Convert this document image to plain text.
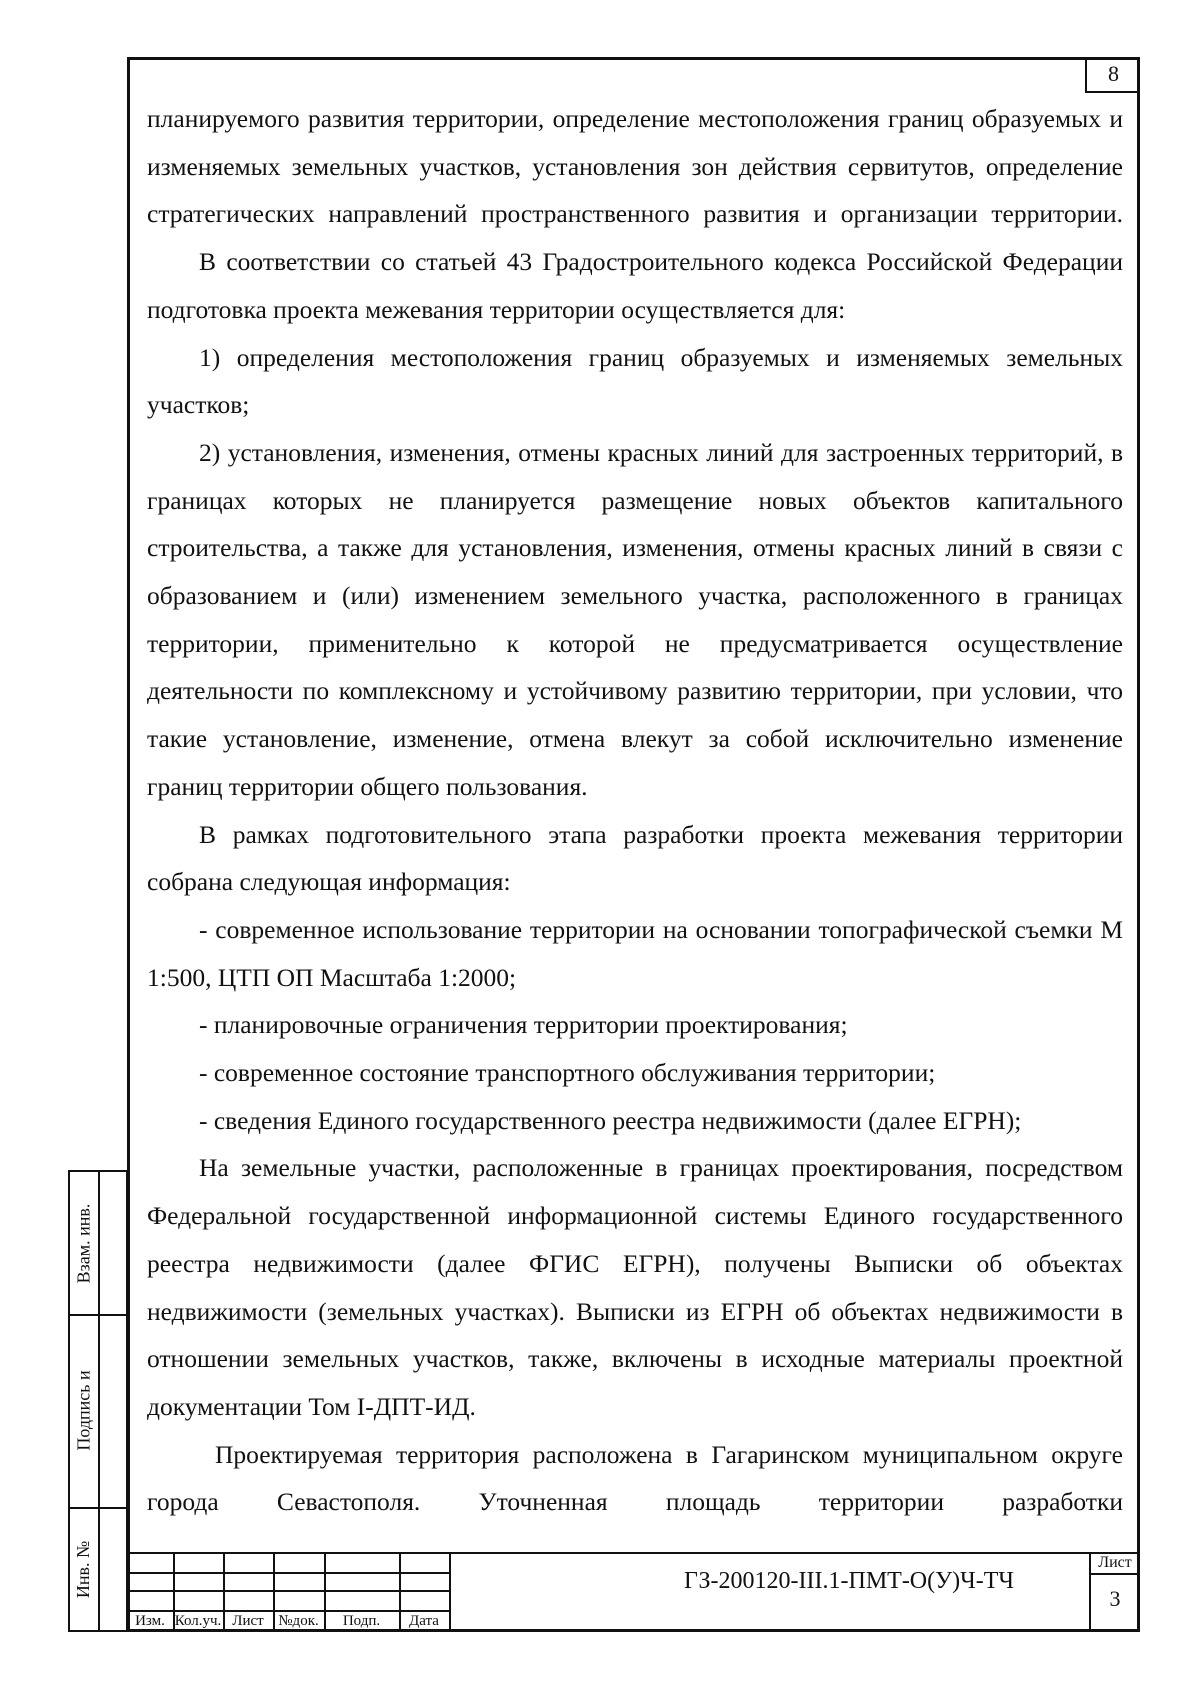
8

планируемого развития территории, определение местоположения границ образуемых и изменяемых земельных участков, установления зон действия сервитутов, определение стратегических направлений пространственного развития и организации территории.

В соответствии со статьей 43 Градостроительного кодекса Российской Федерации подготовка проекта межевания территории осуществляется для:

1) определения местоположения границ образуемых и изменяемых земельных участков;

2) установления, изменения, отмены красных линий для застроенных территорий, в границах которых не планируется размещение новых объектов капитального строительства, а также для установления, изменения, отмены красных линий в связи с образованием и (или) изменением земельного участка, расположенного в границах территории, применительно к которой не предусматривается осуществление деятельности по комплексному и устойчивому развитию территории, при условии, что такие установление, изменение, отмена влекут за собой исключительно изменение границ территории общего пользования.

В рамках подготовительного этапа разработки проекта межевания территории собрана следующая информация:

- современное использование территории на основании топографической съемки М 1:500, ЦТП ОП Масштаба 1:2000;

- планировочные ограничения территории проектирования;

- современное состояние транспортного обслуживания территории;

- сведения Единого государственного реестра недвижимости (далее ЕГРН);

На земельные участки, расположенные в границах проектирования, посредством Федеральной государственной информационной системы Единого государственного реестра недвижимости (далее ФГИС ЕГРН), получены Выписки об объектах недвижимости (земельных участках). Выписки из ЕГРН об объектах недвижимости в отношении земельных участков, также, включены в исходные материалы проектной документации Том I-ДПТ-ИД.

Проектируемая территория расположена в Гагаринском муниципальном округе города Севастополя. Уточненная площадь территории разработки

Взам. инв.
Подпись и
Инв. №
Изм. Кол.уч. Лист №док.	Подп.	Дата
ГЗ-200120-III.1-ПМТ-О(У)Ч-ТЧ
Лист
3
